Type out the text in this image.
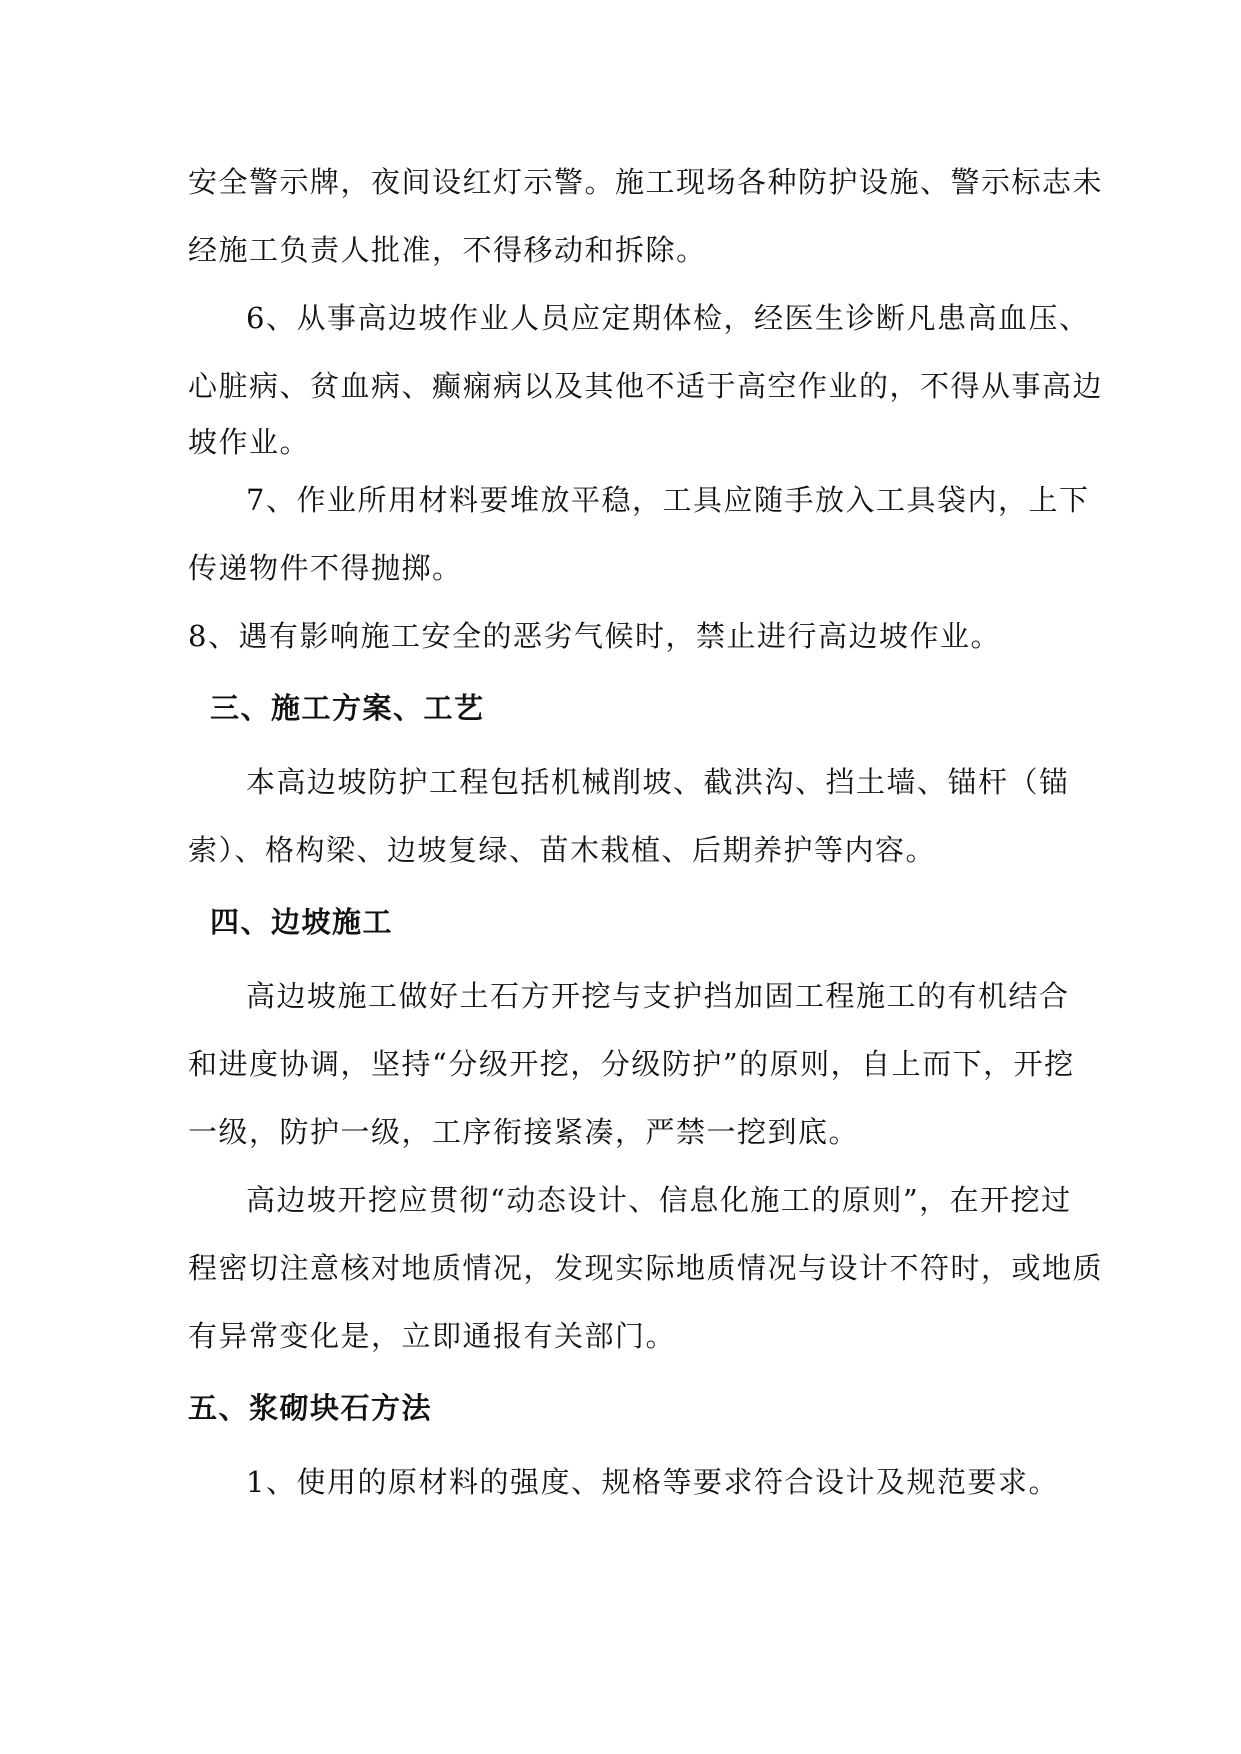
安全警示牌，夜间设红灯示警。施工现场各种防护设施、警示标志未
经施工负责人批准，不得移动和拆除。
6、从事高边坡作业人员应定期体检，经医生诊断凡患高血压、
心脏病、贫血病、癫痫病以及其他不适于高空作业的，不得从事高边
坡作业。
7、作业所用材料要堆放平稳，工具应随手放入工具袋内，上下
传递物件不得抛掷。
8、遇有影响施工安全的恶劣气候时，禁止进行高边坡作业。
三、施工方案、工艺
本高边坡防护工程包括机械削坡、截洪沟、挡土墙、锚杆（锚
索）、格构梁、边坡复绿、苗木栽植、后期养护等内容。
四、边坡施工
高边坡施工做好土石方开挖与支护挡加固工程施工的有机结合
和进度协调，坚持“分级开挖，分级防护”的原则，自上而下，开挖
一级，防护一级，工序衔接紧凑，严禁一挖到底。
高边坡开挖应贯彻“动态设计、信息化施工的原则”，在开挖过
程密切注意核对地质情况，发现实际地质情况与设计不符时，或地质
有异常变化是，立即通报有关部门。
五、浆砌块石方法
1、使用的原材料的强度、规格等要求符合设计及规范要求。
